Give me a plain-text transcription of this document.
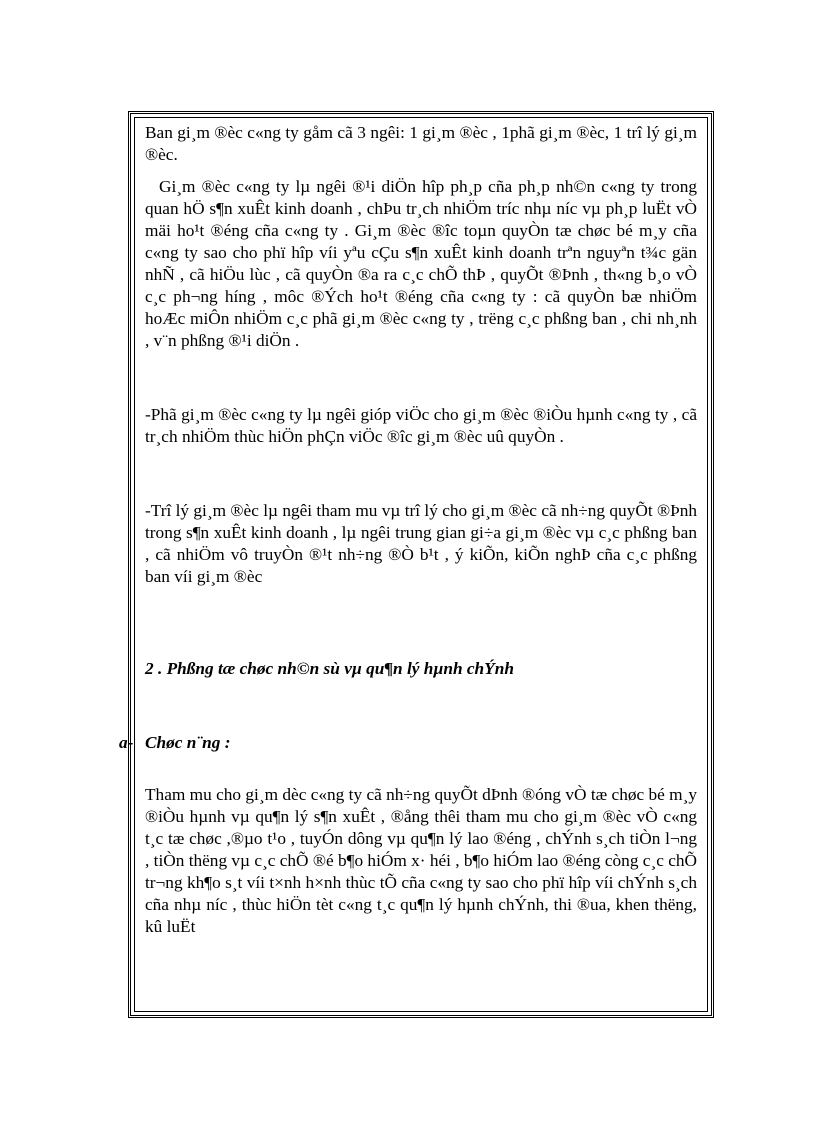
Ban gi¸m ®èc c«ng ty gåm cã 3 ngêi: 1 gi¸m ®èc , 1phã gi¸m ®èc, 1 trî lý gi¸m ®èc.

Gi¸m ®èc c«ng ty lµ ngêi ®¹i diÖn hîp ph¸p cña ph¸p nh©n c«ng ty trong quan hÖ s¶n xuÊt kinh doanh , chÞu tr¸ch nhiÖm tríc nhµ níc vµ ph¸p luËt vÒ mäi ho¹t ®éng cña c«ng ty . Gi¸m ®èc ®îc toµn quyÒn tæ chøc bé m¸y cña c«ng ty sao cho phï hîp víi yªu cÇu s¶n xuÊt kinh doanh trªn nguyªn t¾c gän nhÑ , cã hiÖu lùc , cã quyÒn ®a ra c¸c chÕ thÞ , quyÕt ®Þnh , th«ng b¸o vÒ c¸c ph¬ng híng , môc ®Ých ho¹t ®éng cña c«ng ty : cã quyÒn bæ nhiÖm hoÆc miÔn nhiÖm c¸c phã gi¸m ®èc c«ng ty , trëng c¸c phßng ban , chi nh¸nh , v¨n phßng ®¹i diÖn .

-Phã gi¸m ®èc c«ng ty lµ ngêi gióp viÖc cho gi¸m ®èc ®iÒu hµnh c«ng ty , cã tr¸ch nhiÖm thùc hiÖn phÇn viÖc ®îc gi¸m ®èc uû quyÒn .

-Trî lý gi¸m ®èc lµ ngêi tham mu vµ trî lý cho gi¸m ®èc cã nh÷ng quyÕt ®Þnh trong s¶n xuÊt kinh doanh , lµ ngêi trung gian gi÷a gi¸m ®èc vµ c¸c phßng ban , cã nhiÖm vô truyÒn ®¹t nh÷ng ®Ò b¹t , ý kiÕn, kiÕn nghÞ cña c¸c phßng ban víi gi¸m ®èc

2 . Phßng tæ chøc nh©n sù vµ qu¶n lý hµnh chÝnh

a- Chøc n¨ng :

Tham mu cho gi¸m dèc c«ng ty cã nh÷ng quyÕt dÞnh ®óng vÒ tæ chøc bé m¸y ®iÒu hµnh vµ qu¶n lý s¶n xuÊt , ®ång thêi tham mu cho gi¸m ®èc vÒ c«ng t¸c tæ chøc ,®µo t¹o , tuyÓn dông vµ qu¶n lý lao ®éng , chÝnh s¸ch tiÒn l¬ng , tiÒn thëng vµ c¸c chÕ ®é b¶o hiÓm x· héi , b¶o hiÓm lao ®éng còng c¸c chÕ tr¬ng kh¶o s¸t víi t×nh h×nh thùc tÕ cña c«ng ty sao cho phï hîp víi chÝnh s¸ch cña nhµ níc , thùc hiÖn tèt c«ng t¸c qu¶n lý hµnh chÝnh, thi ®ua, khen thëng, kû luËt
